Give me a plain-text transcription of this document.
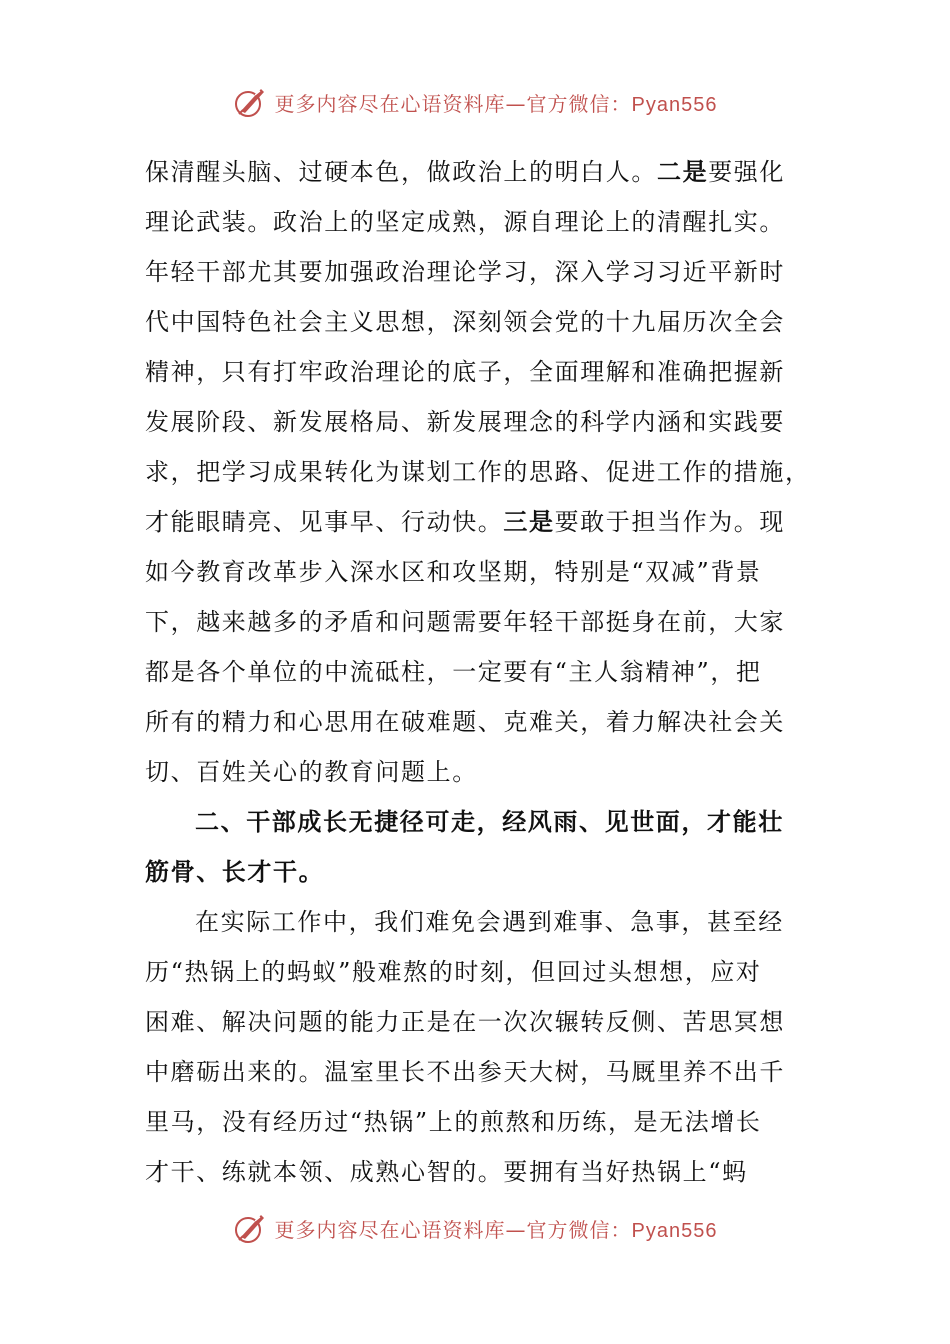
更多内容尽在心语资料库—官方微信：Pyan556
保清醒头脑、过硬本色，做政治上的明白人。二是要强化
理论武装。政治上的坚定成熟，源自理论上的清醒扎实。
年轻干部尤其要加强政治理论学习，深入学习习近平新时
代中国特色社会主义思想，深刻领会党的十九届历次全会
精神，只有打牢政治理论的底子，全面理解和准确把握新
发展阶段、新发展格局、新发展理念的科学内涵和实践要
求，把学习成果转化为谋划工作的思路、促进工作的措施，
才能眼睛亮、见事早、行动快。三是要敢于担当作为。现
如今教育改革步入深水区和攻坚期，特别是“双减”背景
下，越来越多的矛盾和问题需要年轻干部挺身在前，大家
都是各个单位的中流砥柱，一定要有“主人翁精神”，把
所有的精力和心思用在破难题、克难关，着力解决社会关
切、百姓关心的教育问题上。
二、干部成长无捷径可走，经风雨、见世面，才能壮
筋骨、长才干。
在实际工作中，我们难免会遇到难事、急事，甚至经
历“热锅上的蚂蚁”般难熬的时刻，但回过头想想，应对
困难、解决问题的能力正是在一次次辗转反侧、苦思冥想
中磨砺出来的。温室里长不出参天大树，马厩里养不出千
里马，没有经历过“热锅”上的煎熬和历练，是无法增长
才干、练就本领、成熟心智的。要拥有当好热锅上“蚂
更多内容尽在心语资料库—官方微信：Pyan556
